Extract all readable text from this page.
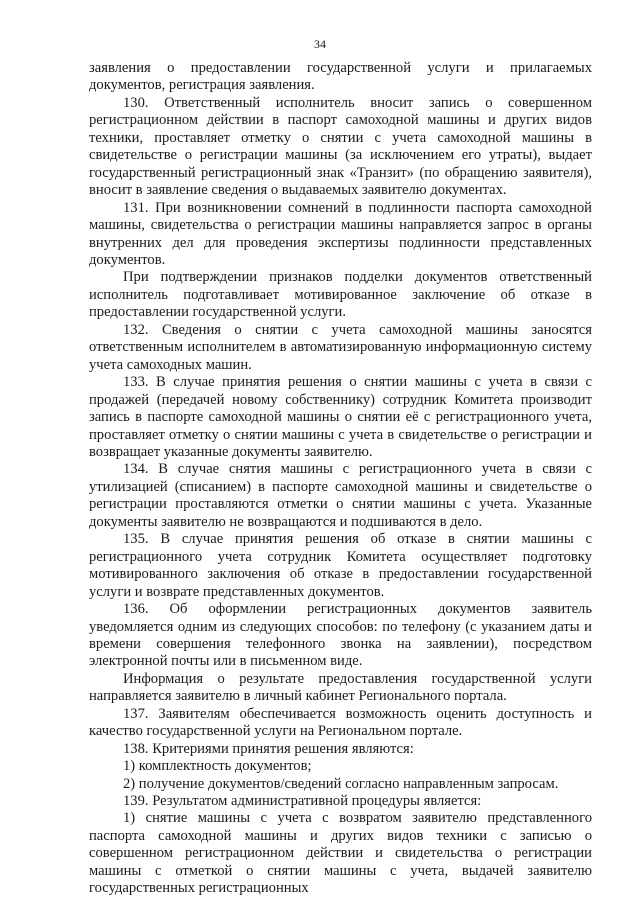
34

заявления о предоставлении государственной услуги и прилагаемых документов, регистрация заявления.

130. Ответственный исполнитель вносит запись о совершенном регистрационном действии в паспорт самоходной машины и других видов техники, проставляет отметку о снятии с учета самоходной машины в свидетельстве о регистрации машины (за исключением его утраты), выдает государственный регистрационный знак «Транзит» (по обращению заявителя), вносит в заявление сведения о выдаваемых заявителю документах.

131. При возникновении сомнений в подлинности паспорта самоходной машины, свидетельства о регистрации машины направляется запрос в органы внутренних дел для проведения экспертизы подлинности представленных документов.

При подтверждении признаков подделки документов ответственный исполнитель подготавливает мотивированное заключение об отказе в предоставлении государственной услуги.

132. Сведения о снятии с учета самоходной машины заносятся ответственным исполнителем в автоматизированную информационную систему учета самоходных машин.

133. В случае принятия решения о снятии машины с учета в связи с продажей (передачей новому собственнику) сотрудник Комитета производит запись в паспорте самоходной машины о снятии её с регистрационного учета, проставляет отметку о снятии машины с учета в свидетельстве о регистрации и возвращает указанные документы заявителю.

134. В случае снятия машины с регистрационного учета в связи с утилизацией (списанием) в паспорте самоходной машины и свидетельстве о регистрации проставляются отметки о снятии машины с учета. Указанные документы заявителю не возвращаются и подшиваются в дело.

135. В случае принятия решения об отказе в снятии машины с регистрационного учета сотрудник Комитета осуществляет подготовку мотивированного заключения об отказе в предоставлении государственной услуги и возврате представленных документов.

136. Об оформлении регистрационных документов заявитель уведомляется одним из следующих способов: по телефону (с указанием даты и времени совершения телефонного звонка на заявлении), посредством электронной почты или в письменном виде.

Информация о результате предоставления государственной услуги направляется заявителю в личный кабинет Регионального портала.

137. Заявителям обеспечивается возможность оценить доступность и качество государственной услуги на Региональном портале.

138. Критериями принятия решения являются:

1) комплектность документов;

2) получение документов/сведений согласно направленным запросам.

139. Результатом административной процедуры является:

1) снятие машины с учета с возвратом заявителю представленного паспорта самоходной машины и других видов техники с записью о совершенном регистрационном действии и свидетельства о регистрации машины с отметкой о снятии машины с учета, выдачей заявителю государственных регистрационных
